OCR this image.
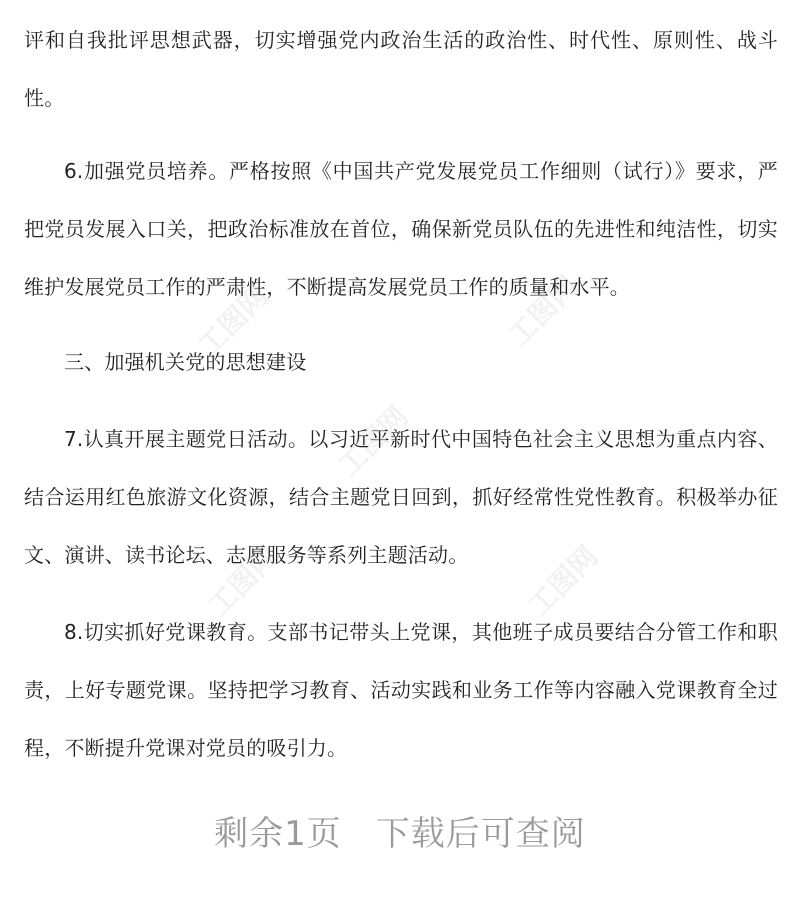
工图网	工图网
工图网
工图网	工图网

评和自我批评思想武器，切实增强党内政治生活的政治性、时代性、原则性、战斗性。

6.加强党员培养。严格按照《中国共产党发展党员工作细则（试行）》要求，严把党员发展入口关，把政治标准放在首位，确保新党员队伍的先进性和纯洁性，切实维护发展党员工作的严肃性，不断提高发展党员工作的质量和水平。

三、加强机关党的思想建设

7.认真开展主题党日活动。以习近平新时代中国特色社会主义思想为重点内容、结合运用红色旅游文化资源，结合主题党日回到，抓好经常性党性教育。积极举办征文、演讲、读书论坛、志愿服务等系列主题活动。

8.切实抓好党课教育。支部书记带头上党课，其他班子成员要结合分管工作和职责，上好专题党课。坚持把学习教育、活动实践和业务工作等内容融入党课教育全过程，不断提升党课对党员的吸引力。

剩余1页 下载后可查阅
